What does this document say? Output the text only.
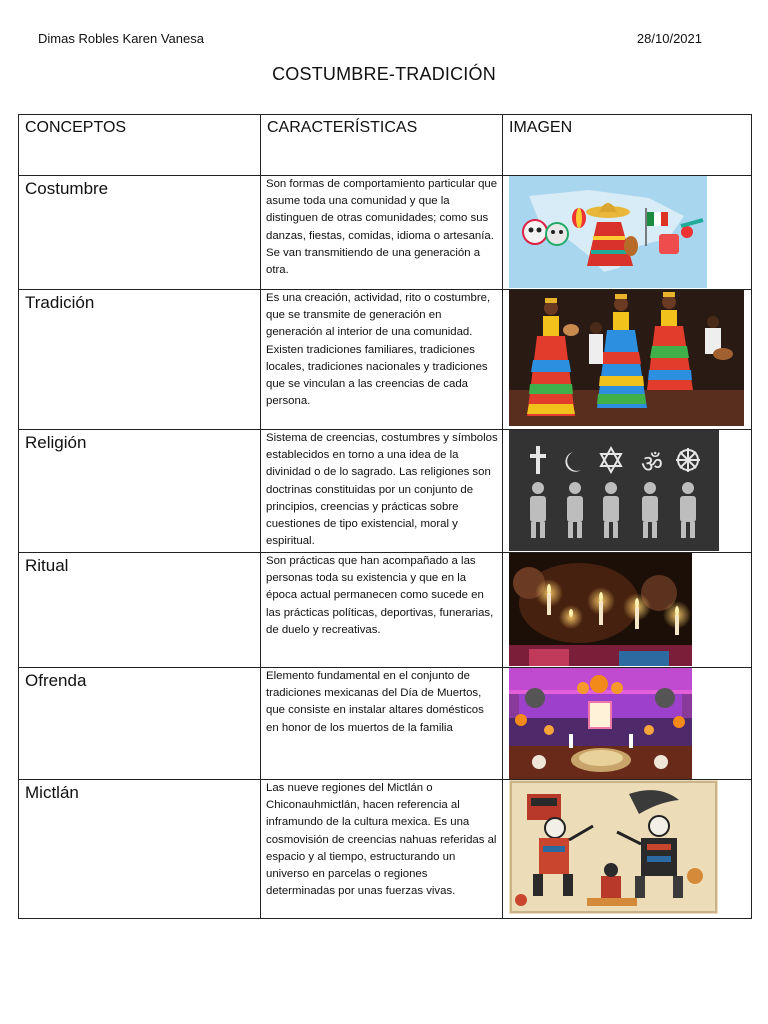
Dimas Robles Karen Vanesa	28/10/2021
COSTUMBRE-TRADICIÓN
CONCEPTOS	CARACTERÍSTICAS	IMAGEN

Costumbre	Son formas de comportamiento particular que asume toda una comunidad y que la distinguen de otras comunidades; como sus danzas, fiestas, comidas, idioma o artesanía. Se van transmitiendo de una generación a otra.

Tradición	Es una creación, actividad, rito o costumbre, que se transmite de generación en generación al interior de una comunidad. Existen tradiciones familiares, tradiciones locales, tradiciones nacionales y tradiciones que se vinculan a las creencias de cada persona.

Religión	Sistema de creencias, costumbres y símbolos establecidos en torno a una idea de la divinidad o de lo sagrado. Las religiones son doctrinas constituidas por un conjunto de principios, creencias y prácticas sobre cuestiones de tipo existencial, moral y espiritual.	ॐ

Ritual	Son prácticas que han acompañado a las personas toda su existencia y que en la época actual permanecen como sucede en las prácticas políticas, deportivas, funerarias, de duelo y recreativas.

Ofrenda	Elemento fundamental en el conjunto de tradiciones mexicanas del Día de Muertos, que consiste en instalar altares domésticos en honor de los muertos de la familia

Mictlán	Las nueve regiones del Mictlán o Chiconauhmictlán, hacen referencia al inframundo de la cultura mexica. Es una cosmovisión de creencias nahuas referidas al espacio y al tiempo, estructurando un universo en parcelas o regiones determinadas por unas fuerzas vivas.
